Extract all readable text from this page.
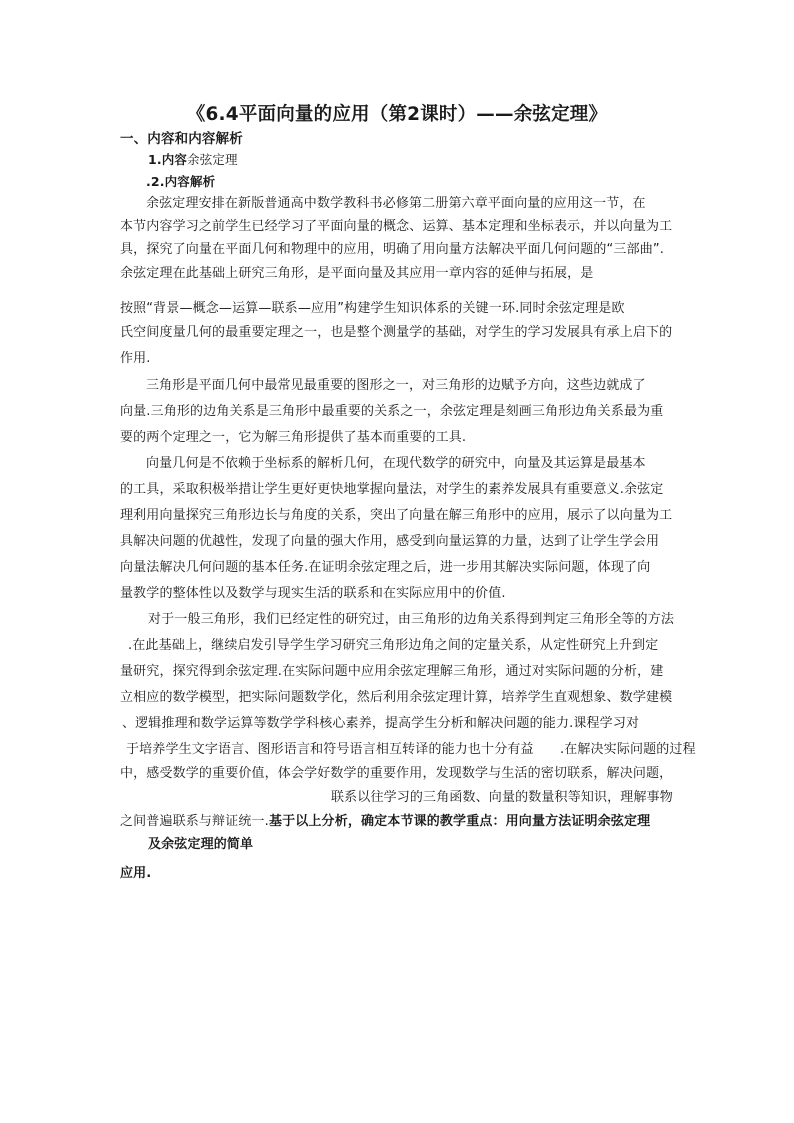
《6.4平面向量的应用（第2课时）——余弦定理》
一、内容和内容解析
1.内容余弦定理
.2.内容解析
余弦定理安排在新版普通高中数学教科书必修第二册第六章平面向量的应用这一节，在
本节内容学习之前学生已经学习了平面向量的概念、运算、基本定理和坐标表示，并以向量为工
具，探究了向量在平面几何和物理中的应用，明确了用向量方法解决平面几何问题的“三部曲”.
余弦定理在此基础上研究三角形，是平面向量及其应用一章内容的延伸与拓展，是
按照“背景—概念—运算—联系—应用”构建学生知识体系的关键一环.同时余弦定理是欧
氏空间度量几何的最重要定理之一，也是整个测量学的基础，对学生的学习发展具有承上启下的
作用.
三角形是平面几何中最常见最重要的图形之一，对三角形的边赋予方向，这些边就成了
向量.三角形的边角关系是三角形中最重要的关系之一，余弦定理是刻画三角形边角关系最为重
要的两个定理之一，它为解三角形提供了基本而重要的工具.
向量几何是不依赖于坐标系的解析几何，在现代数学的研究中，向量及其运算是最基本
的工具，采取积极举措让学生更好更快地掌握向量法，对学生的素养发展具有重要意义.余弦定
理利用向量探究三角形边长与角度的关系，突出了向量在解三角形中的应用，展示了以向量为工
具解决问题的优越性，发现了向量的强大作用，感受到向量运算的力量，达到了让学生学会用
向量法解决几何问题的基本任务.在证明余弦定理之后，进一步用其解决实际问题，体现了向
量教学的整体性以及数学与现实生活的联系和在实际应用中的价值.
对于一般三角形，我们已经定性的研究过，由三角形的边角关系得到判定三角形全等的方法
.在此基础上，继续启发引导学生学习研究三角形边角之间的定量关系，从定性研究上升到定
量研究，探究得到余弦定理.在实际问题中应用余弦定理解三角形，通过对实际问题的分析，建
立相应的数学模型，把实际问题数学化，然后利用余弦定理计算，培养学生直观想象、数学建模
、逻辑推理和数学运算等数学学科核心素养，提高学生分析和解决问题的能力.课程学习对
于培养学生文字语言、图形语言和符号语言相互转译的能力也十分有益　　.在解决实际问题的过程
中，感受数学的重要价值，体会学好数学的重要作用，发现数学与生活的密切联系，解决问题，
联系以往学习的三角函数、向量的数量积等知识，理解事物
之间普遍联系与辩证统一.基于以上分析，确定本节课的教学重点：用向量方法证明余弦定理
及余弦定理的简单
应用.
